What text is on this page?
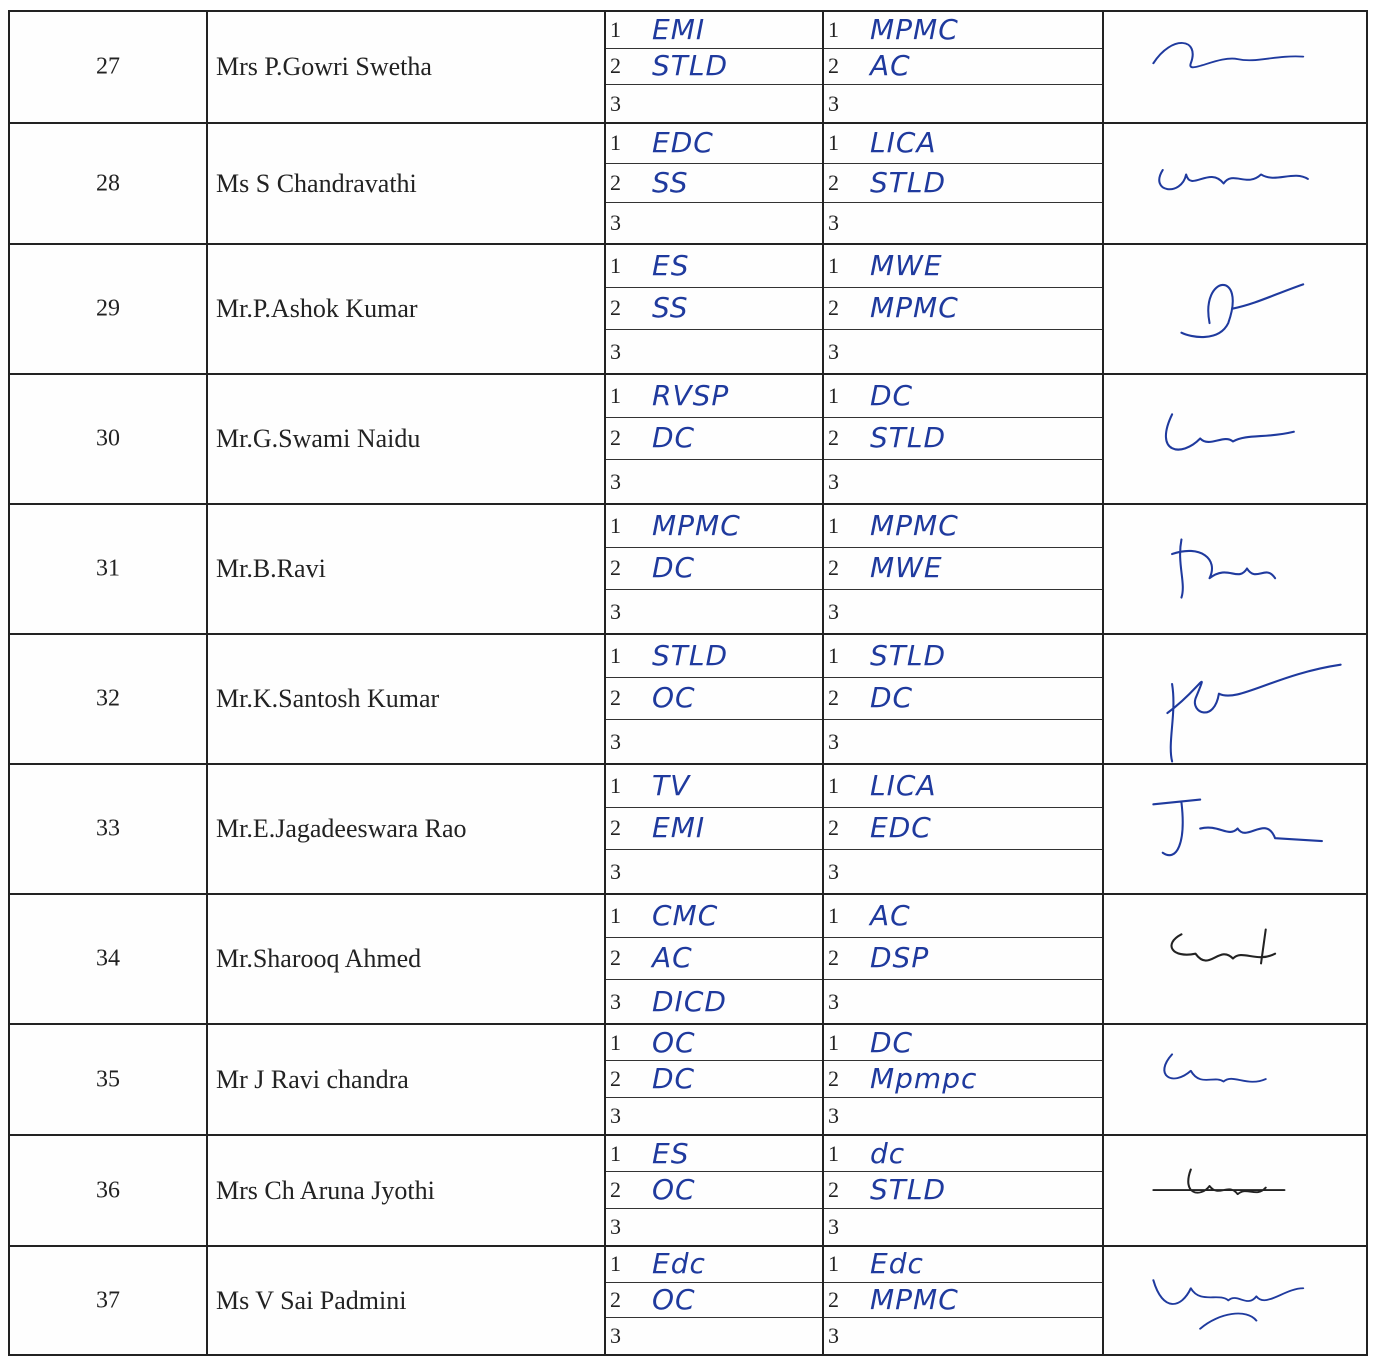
27	Mrs P.Gowri Swetha
1 EMI
2 STLD
3
1 MPMC
2 AC
3
28	Ms S Chandravathi
1 EDC
2 SS
3
1 LICA
2 STLD
3
29	Mr.P.Ashok Kumar
1 ES
2 SS
3
1 MWE
2 MPMC
3
30	Mr.G.Swami Naidu
1 RVSP
2 DC
3
1 DC
2 STLD
3
31	Mr.B.Ravi
1 MPMC
2 DC
3
1 MPMC
2 MWE
3
32	Mr.K.Santosh Kumar
1 STLD
2 OC
3
1 STLD
2 DC
3
33	Mr.E.Jagadeeswara Rao
1 TV
2 EMI
3
1 LICA
2 EDC
3
34	Mr.Sharooq Ahmed
1 CMC
2 AC
3 DICD
1 AC
2 DSP
3
35	Mr J Ravi chandra
1 OC
2 DC
3
1 DC
2 Mpmpc
3
36	Mrs Ch Aruna Jyothi
1 ES
2 OC
3
1 dc
2 STLD
3
37	Ms V Sai Padmini
1 Edc
2 OC
3
1 Edc
2 MPMC
3
